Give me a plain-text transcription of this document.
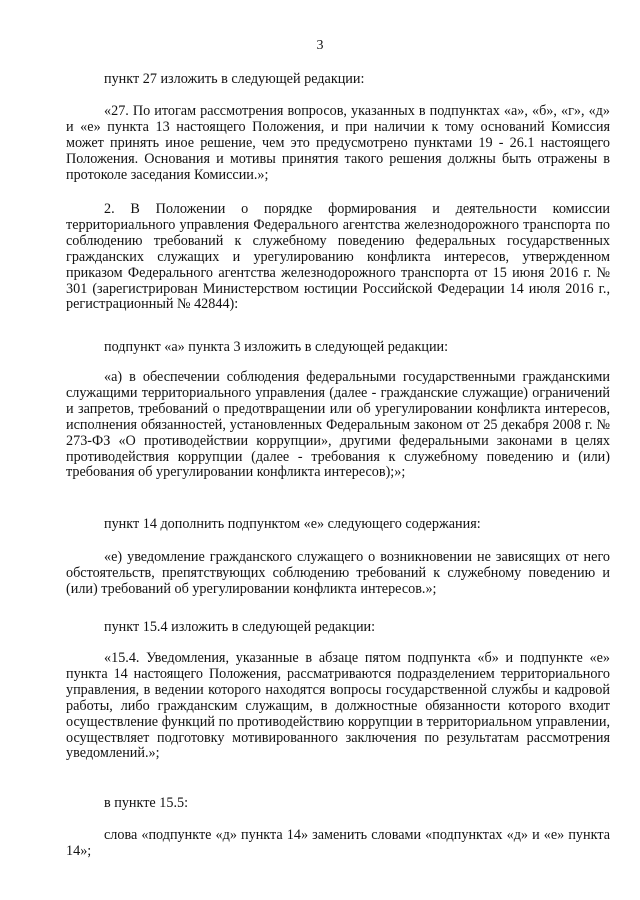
3

пункт 27 изложить в следующей редакции:

«27. По итогам рассмотрения вопросов, указанных в подпунктах «а», «б», «г», «д» и «е» пункта 13 настоящего Положения, и при наличии к тому оснований Комиссия может принять иное решение, чем это предусмотрено пунктами 19 - 26.1 настоящего Положения. Основания и мотивы принятия такого решения должны быть отражены в протоколе заседания Комиссии.»;

2. В Положении о порядке формирования и деятельности комиссии территориального управления Федерального агентства железнодорожного транспорта по соблюдению требований к служебному поведению федеральных государственных гражданских служащих и урегулированию конфликта интересов, утвержденном приказом Федерального агентства железнодорожного транспорта от 15 июня 2016 г. № 301 (зарегистрирован Министерством юстиции Российской Федерации 14 июля 2016 г., регистрационный № 42844):

подпункт «а» пункта 3 изложить в следующей редакции:

«а) в обеспечении соблюдения федеральными государственными гражданскими служащими территориального управления (далее - гражданские служащие) ограничений и запретов, требований о предотвращении или об урегулировании конфликта интересов, исполнения обязанностей, установленных Федеральным законом от 25 декабря 2008 г. № 273-ФЗ «О противодействии коррупции», другими федеральными законами в целях противодействия коррупции (далее - требования к служебному поведению и (или) требования об урегулировании конфликта интересов);»;

пункт 14 дополнить подпунктом «е» следующего содержания:

«е) уведомление гражданского служащего о возникновении не зависящих от него обстоятельств, препятствующих соблюдению требований к служебному поведению и (или) требований об урегулировании конфликта интересов.»;

пункт 15.4 изложить в следующей редакции:

«15.4. Уведомления, указанные в абзаце пятом подпункта «б» и подпункте «е» пункта 14 настоящего Положения, рассматриваются подразделением территориального управления, в ведении которого находятся вопросы государственной службы и кадровой работы, либо гражданским служащим, в должностные обязанности которого входит осуществление функций по противодействию коррупции в территориальном управлении, осуществляет подготовку мотивированного заключения по результатам рассмотрения уведомлений.»;

в пункте 15.5:

слова «подпункте «д» пункта 14» заменить словами «подпунктах «д» и «е» пункта 14»;
